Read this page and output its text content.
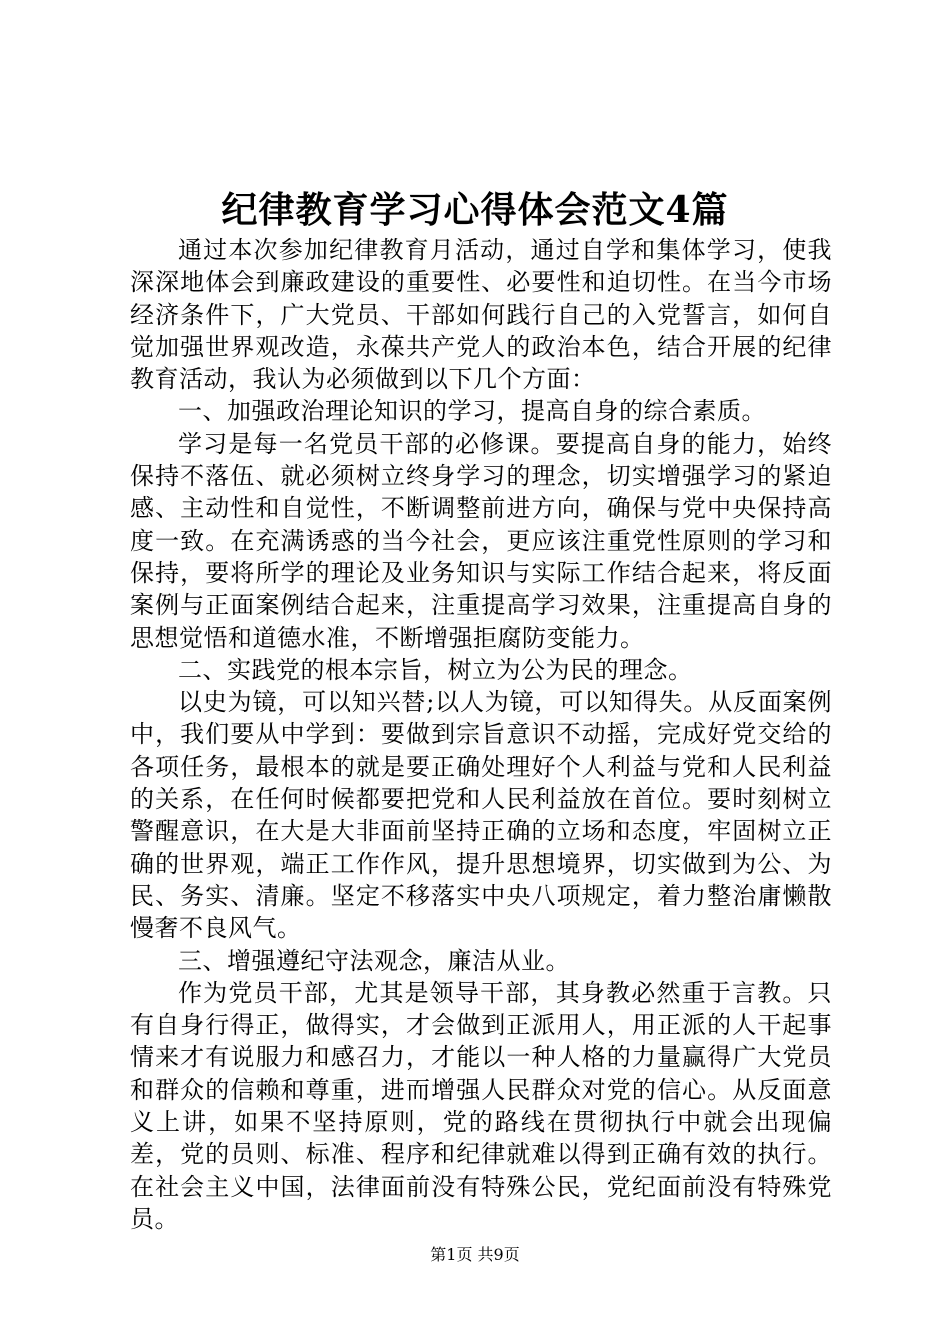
纪律教育学习心得体会范文4篇

通过本次参加纪律教育月活动，通过自学和集体学习，使我深深地体会到廉政建设的重要性、必要性和迫切性。在当今市场经济条件下，广大党员、干部如何践行自己的入党誓言，如何自觉加强世界观改造，永葆共产党人的政治本色，结合开展的纪律教育活动，我认为必须做到以下几个方面：

一、加强政治理论知识的学习，提高自身的综合素质。

学习是每一名党员干部的必修课。要提高自身的能力，始终保持不落伍、就必须树立终身学习的理念，切实增强学习的紧迫感、主动性和自觉性，不断调整前进方向，确保与党中央保持高度一致。在充满诱惑的当今社会，更应该注重党性原则的学习和保持，要将所学的理论及业务知识与实际工作结合起来，将反面案例与正面案例结合起来，注重提高学习效果，注重提高自身的思想觉悟和道德水准，不断增强拒腐防变能力。

二、实践党的根本宗旨，树立为公为民的理念。

以史为镜，可以知兴替;以人为镜，可以知得失。从反面案例中，我们要从中学到：要做到宗旨意识不动摇，完成好党交给的各项任务，最根本的就是要正确处理好个人利益与党和人民利益的关系，在任何时候都要把党和人民利益放在首位。要时刻树立警醒意识，在大是大非面前坚持正确的立场和态度，牢固树立正确的世界观，端正工作作风，提升思想境界，切实做到为公、为民、务实、清廉。坚定不移落实中央八项规定，着力整治庸懒散慢奢不良风气。

三、增强遵纪守法观念，廉洁从业。

作为党员干部，尤其是领导干部，其身教必然重于言教。只有自身行得正，做得实，才会做到正派用人，用正派的人干起事情来才有说服力和感召力，才能以一种人格的力量赢得广大党员和群众的信赖和尊重，进而增强人民群众对党的信心。从反面意义上讲，如果不坚持原则，党的路线在贯彻执行中就会出现偏差，党的员则、标准、程序和纪律就难以得到正确有效的执行。在社会主义中国，法律面前没有特殊公民，党纪面前没有特殊党员。

第1页 共9页
